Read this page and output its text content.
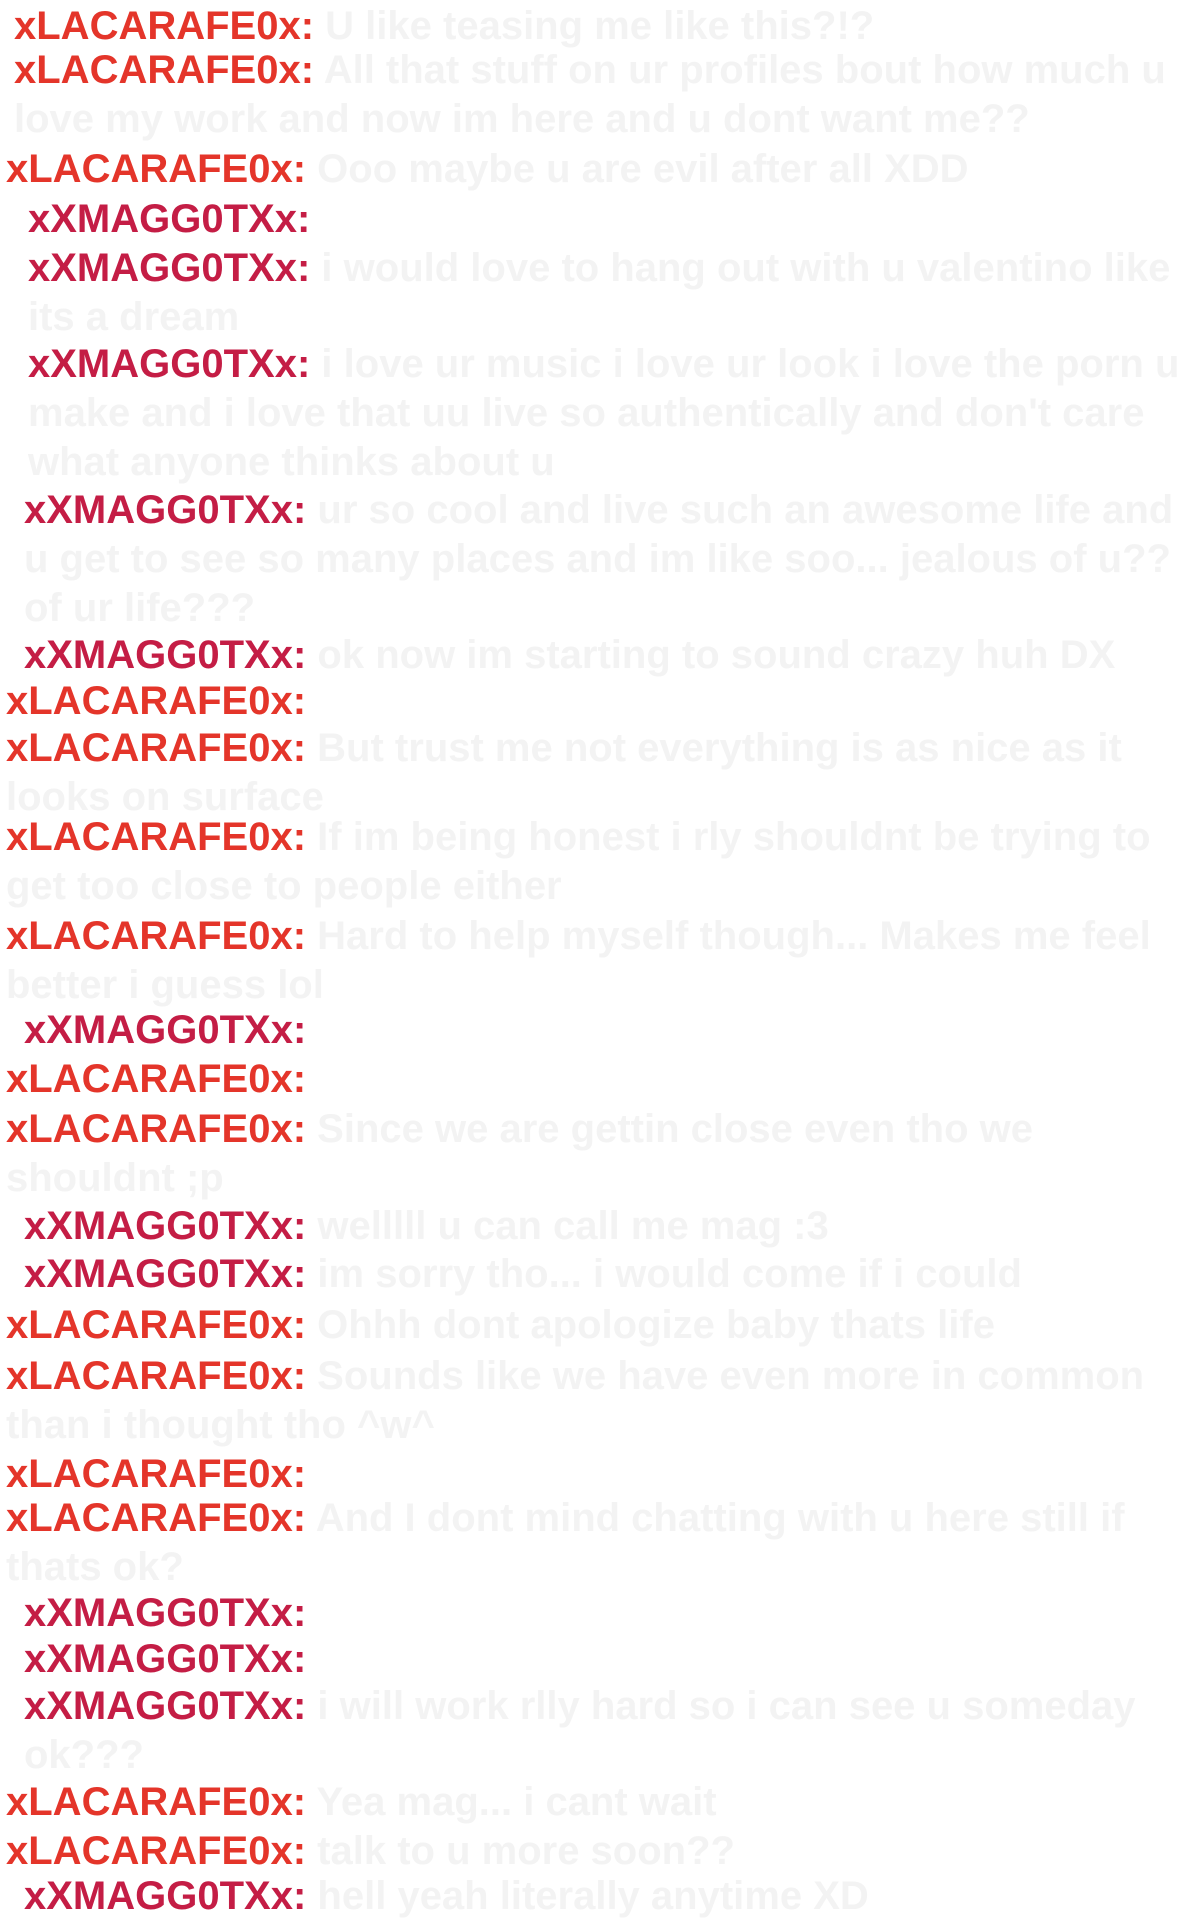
xLACARAFE0x: U like teasing me like this?!?
xLACARAFE0x: All that stuff on ur profiles bout how much u love my work and now im here and u dont want me??
xLACARAFE0x: Ooo maybe u are evil after all XDD
xXMAGG0TXx:
xXMAGG0TXx: i would love to hang out with u valentino like its a dream
xXMAGG0TXx: i love ur music i love ur look i love the porn u make and i love that uu live so authentically and don't care what anyone thinks about u
xXMAGG0TXx: ur so cool and live such an awesome life and u get to see so many places and im like soo... jealous of u?? of ur life???
xXMAGG0TXx: ok now im starting to sound crazy huh DX
xLACARAFE0x:
xLACARAFE0x: But trust me not everything is as nice as it looks on surface
xLACARAFE0x: If im being honest i rly shouldnt be trying to get too close to people either
xLACARAFE0x: Hard to help myself though... Makes me feel better i guess lol
xXMAGG0TXx:
xLACARAFE0x:
xLACARAFE0x: Since we are gettin close even tho we shouldnt ;p
xXMAGG0TXx: welllll u can call me mag :3
xXMAGG0TXx: im sorry tho... i would come if i could
xLACARAFE0x: Ohhh dont apologize baby thats life
xLACARAFE0x: Sounds like we have even more in common than i thought tho ^w^
xLACARAFE0x:
xLACARAFE0x: And I dont mind chatting with u here still if thats ok?
xXMAGG0TXx:
xXMAGG0TXx:
xXMAGG0TXx: i will work rlly hard so i can see u someday ok???
xLACARAFE0x: Yea mag... i cant wait
xLACARAFE0x: talk to u more soon??
xXMAGG0TXx: hell yeah literally anytime XD
